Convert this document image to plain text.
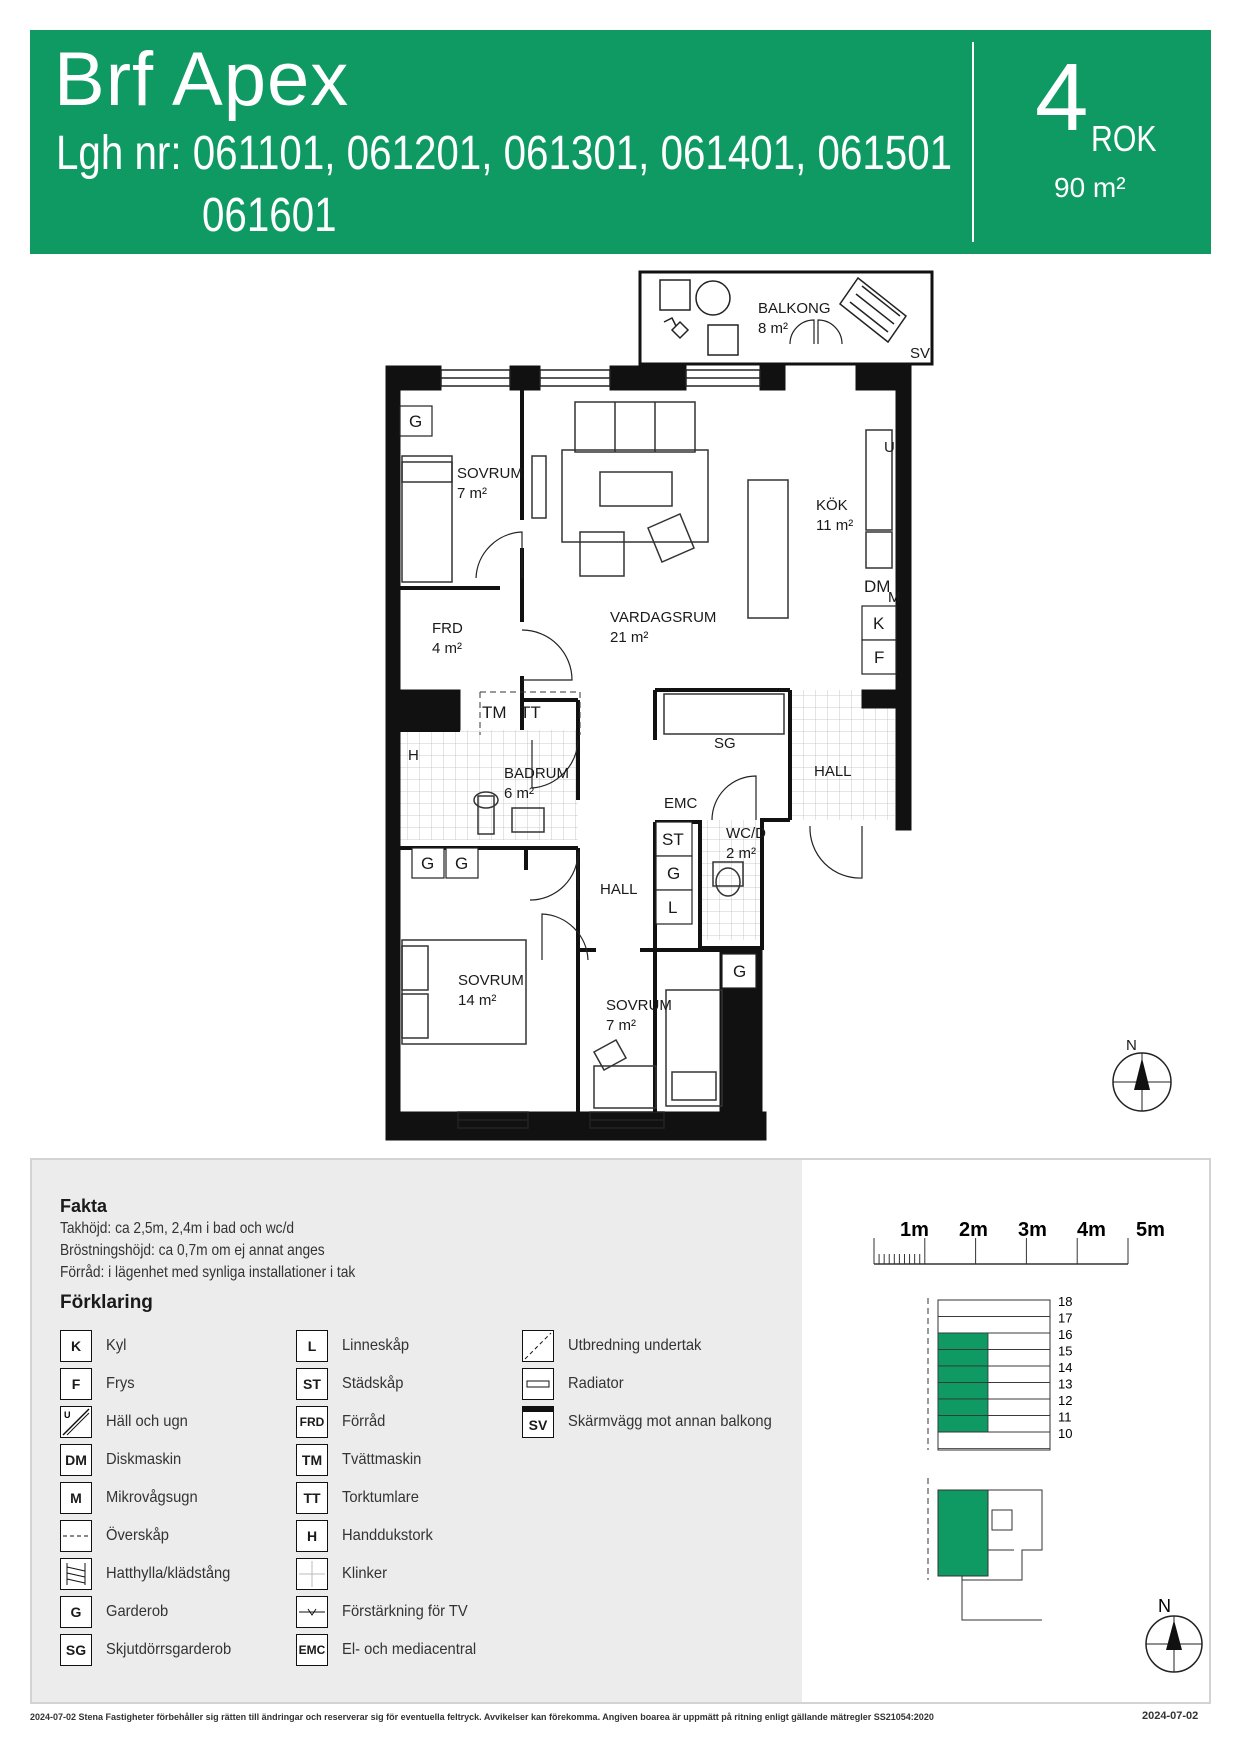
Brf Apex
Lgh nr: 061101, 061201, 061301, 061401, 061501
061601
4 ROK
90 m²
BALKONG
8 m²
SOVRUM
7 m²
KÖK
11 m²
FRD
4 m²
VARDAGSRUM
21 m²
BADRUM
6 m²
HALL
WC/D
2 m²
HALL
SOVRUM
14 m²	SOVRUM
7 m²
SV
G
U
DM
M
K
F
TM TT
SG
H
EMC
ST
G
L
G G
G
N
Fakta
Takhöjd: ca 2,5m, 2,4m i bad och wc/d
Bröstningshöjd: ca 0,7m om ej annat anges
Förråd: i lägenhet med synliga installationer i tak
Förklaring
K	Kyl
F	Frys
U Häll och ugn
DM	Diskmaskin
M	Mikrovågsugn
Överskåp
Hatthylla/klädstång
G	Garderob
SG	Skjutdörrsgarderob
L	Linneskåp
ST	Städskåp
FRD Förråd
TM	Tvättmaskin
TT	Torktumlare
H	Handdukstork
Klinker
Förstärkning för TV
EMC El- och mediacentral
Utbredning undertak
Radiator
SV	Skärmvägg mot annan balkong
1m 2m 3m 4m 5m
18
17
16
15
14
13
12
11
10
N
2024-07-02 Stena Fastigheter förbehåller sig rätten till ändringar och reserverar sig för eventuella feltryck. Avvikelser kan förekomma. Angiven boarea är uppmätt på ritning enligt gällande mätregler SS21054:2020	2024-07-02
